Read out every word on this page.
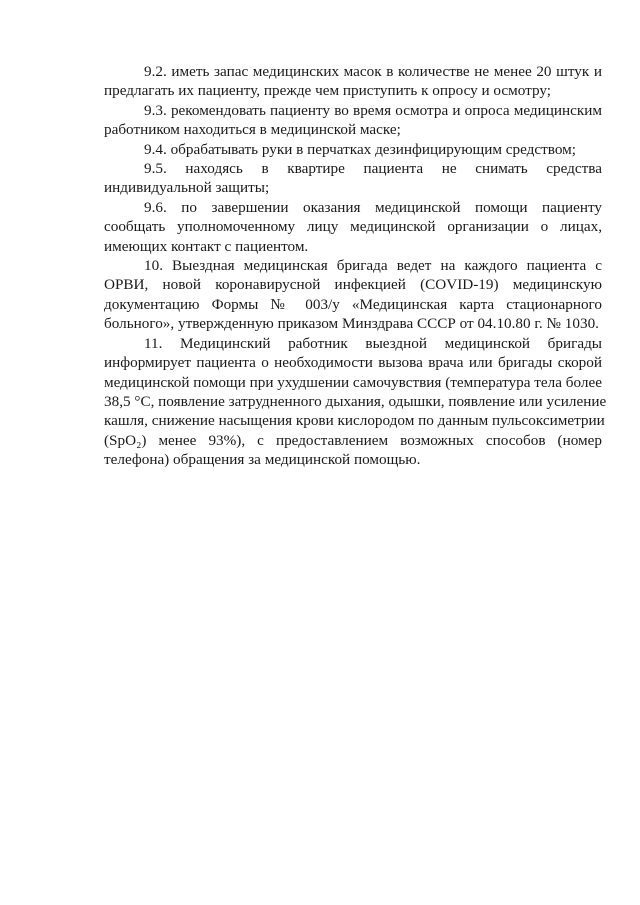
9.2. иметь запас медицинских масок в количестве не менее 20 штук и
предлагать их пациенту, прежде чем приступить к опросу и осмотру;

9.3. рекомендовать пациенту во время осмотра и опроса медицинским
работником находиться в медицинской маске;

9.4. обрабатывать руки в перчатках дезинфицирующим средством;

9.5. находясь в квартире пациента не снимать средства
индивидуальной защиты;

9.6. по завершении оказания медицинской помощи пациенту
сообщать уполномоченному лицу медицинской организации о лицах,
имеющих контакт с пациентом.

10. Выездная медицинская бригада ведет на каждого пациента с
ОРВИ, новой коронавирусной инфекцией (COVID-19) медицинскую
документацию Формы № 003/у «Медицинская карта стационарного
больного», утвержденную приказом Минздрава СССР от 04.10.80 г. № 1030.

11. Медицинский работник выездной медицинской бригады
информирует пациента о необходимости вызова врача или бригады скорой
медицинской помощи при ухудшении самочувствия (температура тела более
38,5 °С, появление затрудненного дыхания, одышки, появление или усиление
кашля, снижение насыщения крови кислородом по данным пульсоксиметрии
(SpO₂) менее 93%), с предоставлением возможных способов (номер
телефона) обращения за медицинской помощью.
